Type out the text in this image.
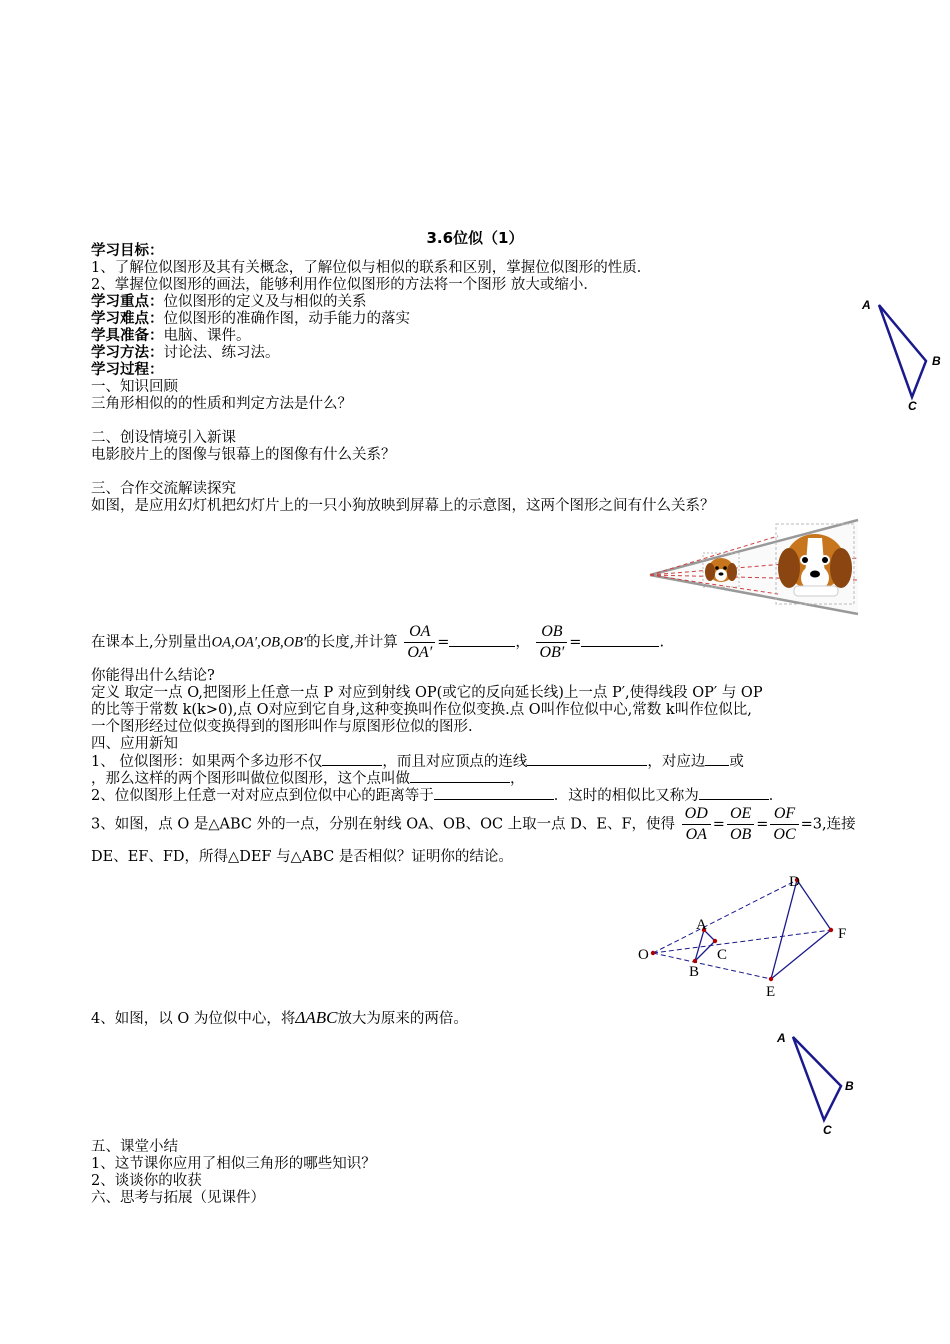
3.6位似（1）
学习目标：
1、了解位似图形及其有关概念，了解位似与相似的联系和区别，掌握位似图形的性质．
2、掌握位似图形的画法，能够利用作位似图形的方法将一个图形 放大或缩小．
学习重点：位似图形的定义及与相似的关系
学习难点：位似图形的准确作图，动手能力的落实
学具准备：电脑、课件。
学习方法：讨论法、练习法。
学习过程：
一、知识回顾
三角形相似的的性质和判定方法是什么？
二、创设情境引入新课
电影胶片上的图像与银幕上的图像有什么关系？
三、合作交流解读探究
如图，是应用幻灯机把幻灯片上的一只小狗放映到屏幕上的示意图，这两个图形之间有什么关系？
A
B
C
在课本上,分别量出OA,OA′,OB,OB′的长度,并计算 $\frac{OA}{OA'}$ =	， $\frac{OB}{OB'}$ =	.
你能得出什么结论?
定义 取定一点 O,把图形上任意一点 P 对应到射线 OP(或它的反向延长线)上一点 P′,使得线段 OP′ 与 OP
的比等于常数 k(k>0),点 O对应到它自身,这种变换叫作位似变换.点 O叫作位似中心,常数 k叫作位似比,
一个图形经过位似变换得到的图形叫作与原图形位似的图形.
四、应用新知
1、 位似图形：如果两个多边形不仅	，而且对应顶点的连线	，对应边 或
，那么这样的两个图形叫做位似图形，这个点叫做	，
2、位似图形上任意一对对应点到位似中心的距离等于	．这时的相似比又称为	．
3、如图，点 O 是△ABC 外的一点，分别在射线 OA、OB、OC 上取一点 D、E、F，使得 $\frac{OD}{OA} = \frac{OE}{OB} = \frac{OF}{OC} =3$,连接
DE、EF、FD，所得△DEF 与△ABC 是否相似？证明你的结论。
O
A
B
C
D
E
F
4、如图，以 O 为位似中心，将ΔABC放大为原来的两倍。
A
B
C
五、课堂小结
1、这节课你应用了相似三角形的哪些知识？
2、谈谈你的收获
六、思考与拓展（见课件）
